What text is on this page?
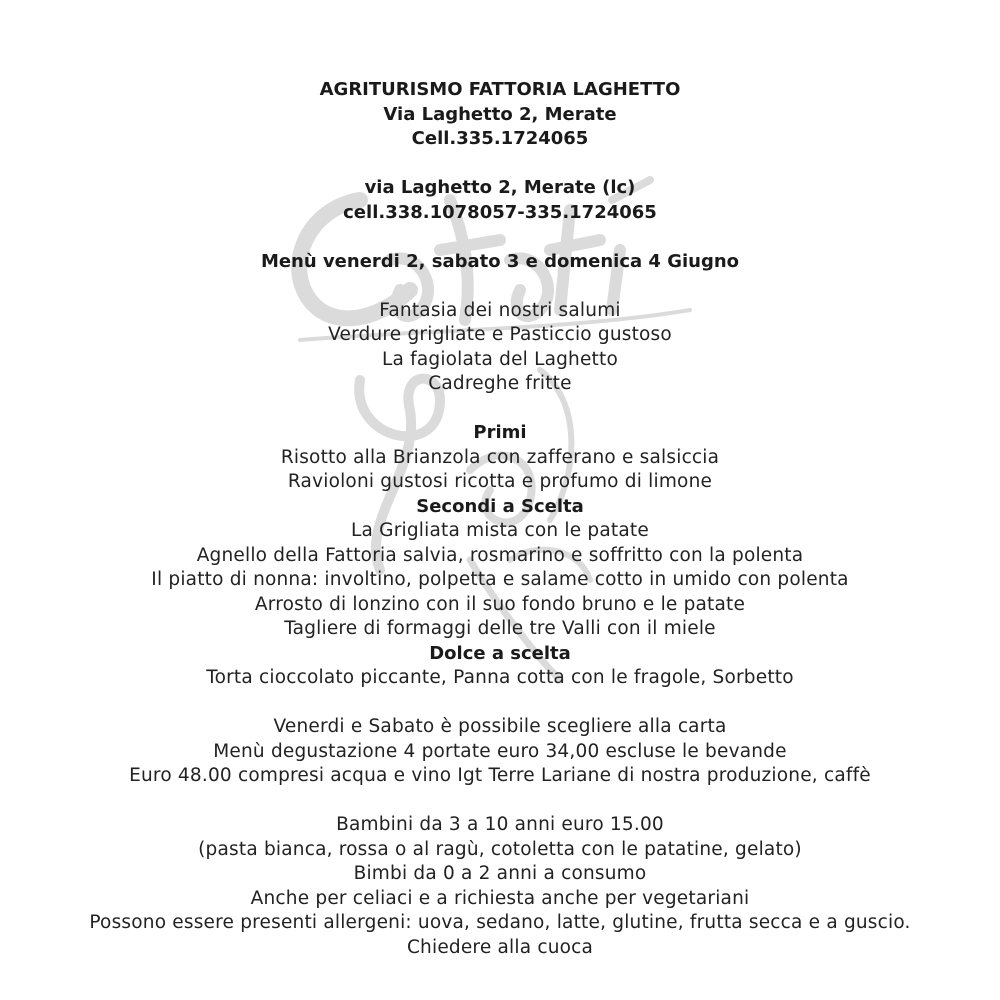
AGRITURISMO FATTORIA LAGHETTO
Via Laghetto 2, Merate
Cell.335.1724065
via Laghetto 2, Merate (lc)
cell.338.1078057-335.1724065
Menù venerdi 2, sabato 3 e domenica 4 Giugno
Fantasia dei nostri salumi
Verdure grigliate e Pasticcio gustoso
La fagiolata del Laghetto
Cadreghe fritte
Primi
Risotto alla Brianzola con zafferano e salsiccia
Ravioloni gustosi ricotta e profumo di limone
Secondi a Scelta
La Grigliata mista con le patate
Agnello della Fattoria salvia, rosmarino e soffritto con la polenta
Il piatto di nonna: involtino, polpetta e salame cotto in umido con polenta
Arrosto di lonzino con il suo fondo bruno e le patate
Tagliere di formaggi delle tre Valli con il miele
Dolce a scelta
Torta cioccolato piccante, Panna cotta con le fragole, Sorbetto
Venerdi e Sabato è possibile scegliere alla carta
Menù degustazione 4 portate euro 34,00 escluse le bevande
Euro 48.00 compresi acqua e vino Igt Terre Lariane di nostra produzione, caffè
Bambini da 3 a 10 anni euro 15.00
(pasta bianca, rossa o al ragù, cotoletta con le patatine, gelato)
Bimbi da 0 a 2 anni a consumo
Anche per celiaci e a richiesta anche per vegetariani
Possono essere presenti allergeni: uova, sedano, latte, glutine, frutta secca e a guscio.
Chiedere alla cuoca
